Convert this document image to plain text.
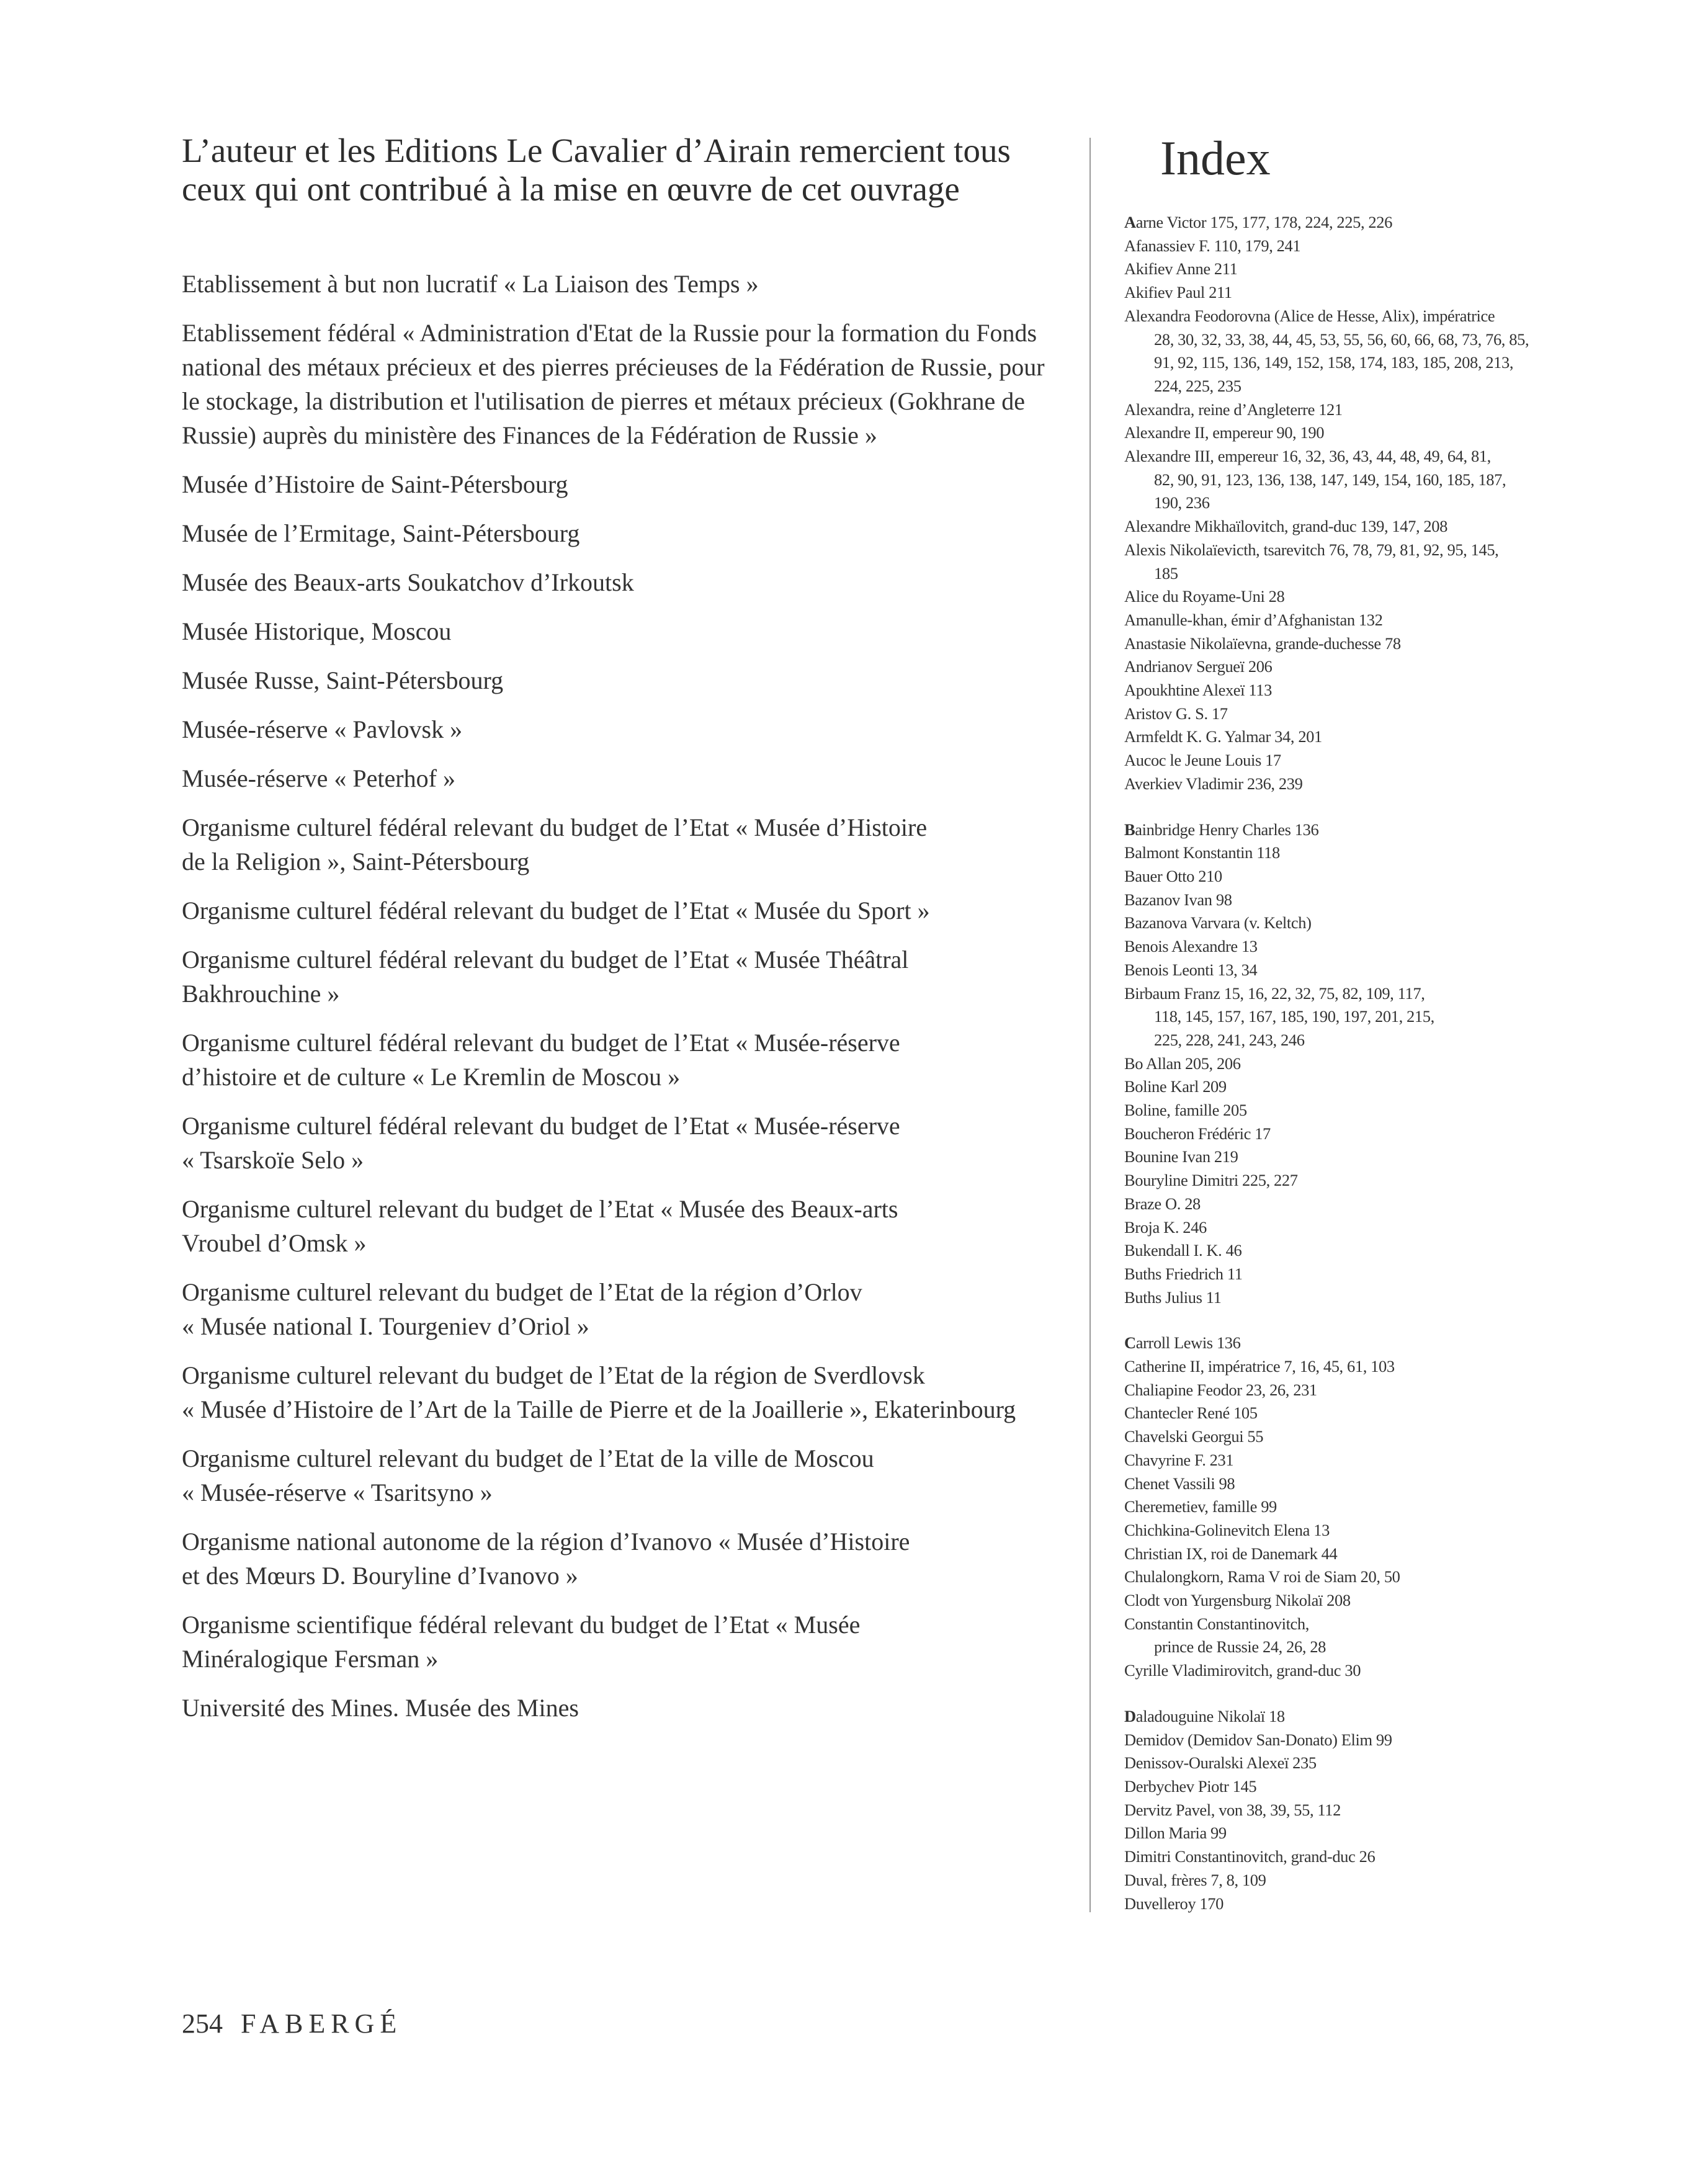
L’auteur et les Editions Le Cavalier d’Airain remercient tous
ceux qui ont contribué à la mise en œuvre de cet ouvrage

Etablissement à but non lucratif « La Liaison des Temps »

Etablissement fédéral « Administration d'Etat de la Russie pour la formation du Fonds
national des métaux précieux et des pierres précieuses de la Fédération de Russie, pour
le stockage, la distribution et l'utilisation de pierres et métaux précieux (Gokhrane de
Russie) auprès du ministère des Finances de la Fédération de Russie »

Musée d’Histoire de Saint-Pétersbourg

Musée de l’Ermitage, Saint-Pétersbourg

Musée des Beaux-arts Soukatchov d’Irkoutsk

Musée Historique, Moscou

Musée Russe, Saint-Pétersbourg

Musée-réserve « Pavlovsk »

Musée-réserve « Peterhof »

Organisme culturel fédéral relevant du budget de l’Etat « Musée d’Histoire
de la Religion », Saint-Pétersbourg

Organisme culturel fédéral relevant du budget de l’Etat « Musée du Sport »

Organisme culturel fédéral relevant du budget de l’Etat « Musée Théâtral
Bakhrouchine »

Organisme culturel fédéral relevant du budget de l’Etat « Musée-réserve
d’histoire et de culture « Le Kremlin de Moscou »

Organisme culturel fédéral relevant du budget de l’Etat « Musée-réserve
« Tsarskoïe Selo »

Organisme culturel relevant du budget de l’Etat « Musée des Beaux-arts
Vroubel d’Omsk »

Organisme culturel relevant du budget de l’Etat de la région d’Orlov
« Musée national I. Tourgeniev d’Oriol »

Organisme culturel relevant du budget de l’Etat de la région de Sverdlovsk
« Musée d’Histoire de l’Art de la Taille de Pierre et de la Joaillerie », Ekaterinbourg

Organisme culturel relevant du budget de l’Etat de la ville de Moscou
« Musée-réserve « Tsaritsyno »

Organisme national autonome de la région d’Ivanovo « Musée d’Histoire
et des Mœurs D. Bouryline d’Ivanovo »

Organisme scientifique fédéral relevant du budget de l’Etat « Musée
Minéralogique Fersman »

Université des Mines. Musée des Mines

Index
Aarne Victor 175, 177, 178, 224, 225, 226
Afanassiev F. 110, 179, 241
Akifiev Anne 211
Akifiev Paul 211
Alexandra Feodorovna (Alice de Hesse, Alix), impératrice
28, 30, 32, 33, 38, 44, 45, 53, 55, 56, 60, 66, 68, 73, 76, 85,
91, 92, 115, 136, 149, 152, 158, 174, 183, 185, 208, 213,
224, 225, 235
Alexandra, reine d’Angleterre 121
Alexandre II, empereur 90, 190
Alexandre III, empereur 16, 32, 36, 43, 44, 48, 49, 64, 81,
82, 90, 91, 123, 136, 138, 147, 149, 154, 160, 185, 187,
190, 236
Alexandre Mikhaïlovitch, grand-duc 139, 147, 208
Alexis Nikolaïevicth, tsarevitch 76, 78, 79, 81, 92, 95, 145,
185
Alice du Royame-Uni 28
Amanulle-khan, émir d’Afghanistan 132
Anastasie Nikolaïevna, grande-duchesse 78
Andrianov Sergueï 206
Apoukhtine Alexeï 113
Aristov G. S. 17
Armfeldt K. G. Yalmar 34, 201
Aucoc le Jeune Louis 17
Averkiev Vladimir 236, 239
Bainbridge Henry Charles 136
Balmont Konstantin 118
Bauer Otto 210
Bazanov Ivan 98
Bazanova Varvara (v. Keltch)
Benois Alexandre 13
Benois Leonti 13, 34
Birbaum Franz 15, 16, 22, 32, 75, 82, 109, 117,
118, 145, 157, 167, 185, 190, 197, 201, 215,
225, 228, 241, 243, 246
Bo Allan 205, 206
Boline Karl 209
Boline, famille 205
Boucheron Frédéric 17
Bounine Ivan 219
Bouryline Dimitri 225, 227
Braze O. 28
Broja K. 246
Bukendall I. K. 46
Buths Friedrich 11
Buths Julius 11
Carroll Lewis 136
Catherine II, impératrice 7, 16, 45, 61, 103
Chaliapine Feodor 23, 26, 231
Chantecler René 105
Chavelski Georgui 55
Chavyrine F. 231
Chenet Vassili 98
Cheremetiev, famille 99
Chichkina-Golinevitch Elena 13
Christian IX, roi de Danemark 44
Chulalongkorn, Rama V roi de Siam 20, 50
Clodt von Yurgensburg Nikolaï 208
Constantin Constantinovitch,
prince de Russie 24, 26, 28
Cyrille Vladimirovitch, grand-duc 30
Daladouguine Nikolaï 18
Demidov (Demidov San-Donato) Elim 99
Denissov-Ouralski Alexeï 235
Derbychev Piotr 145
Dervitz Pavel, von 38, 39, 55, 112
Dillon Maria 99
Dimitri Constantinovitch, grand-duc 26
Duval, frères 7, 8, 109
Duvelleroy 170
254 FABERGÉ
